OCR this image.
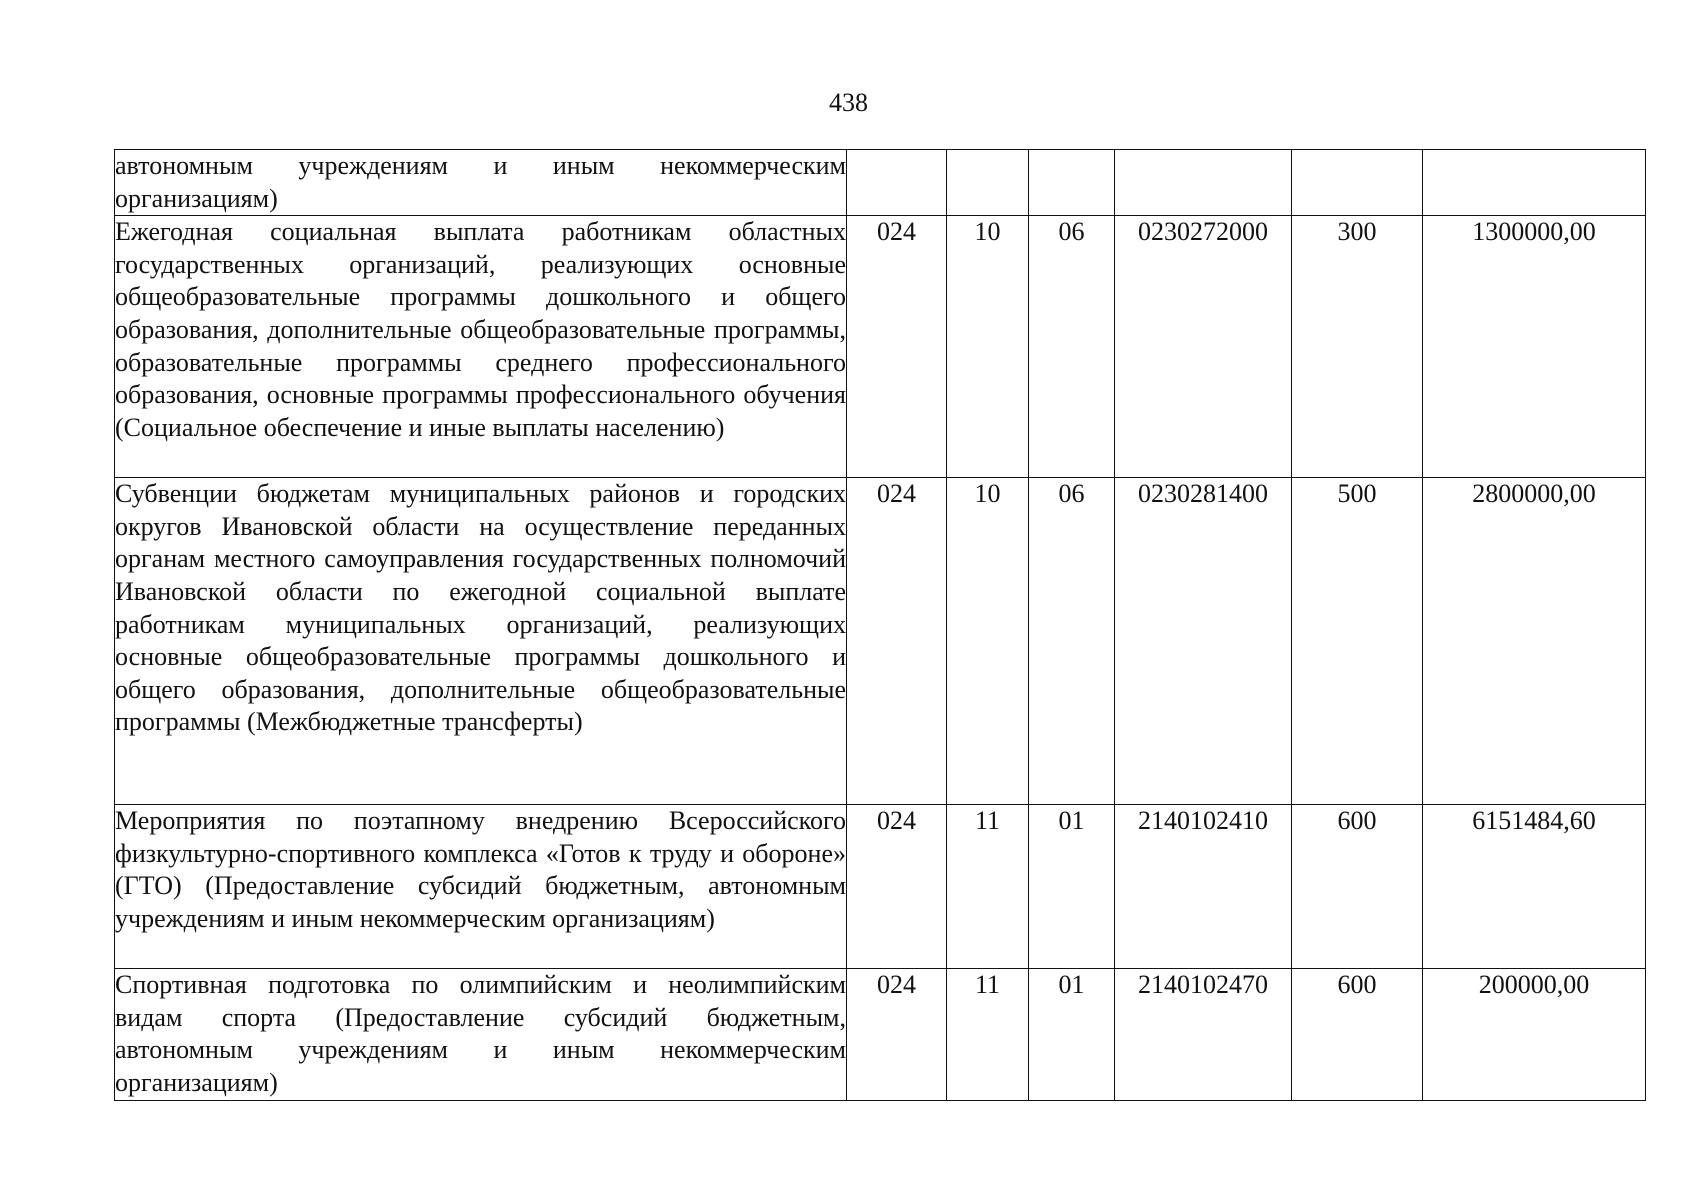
438
автономным учреждениям и иным некоммерческим организациям)						
Ежегодная социальная выплата работникам областных государственных организаций, реализующих основные общеобразовательные программы дошкольного и общего образования, дополнительные общеобразовательные программы, образовательные программы среднего профессионального образования, основные программы профессионального обучения (Социальное обеспечение и иные выплаты населению)	024	10	06	0230272000	300	1300000,00
Субвенции бюджетам муниципальных районов и городских округов Ивановской области на осуществление переданных органам местного самоуправления государственных полномочий Ивановской области по ежегодной социальной выплате работникам муниципальных организаций, реализующих основные общеобразовательные программы дошкольного и общего образования, дополнительные общеобразовательные программы (Межбюджетные трансферты)	024	10	06	0230281400	500	2800000,00
Мероприятия по поэтапному внедрению Всероссийского физкультурно-спортивного комплекса «Готов к труду и обороне» (ГТО) (Предоставление субсидий бюджетным, автономным учреждениям и иным некоммерческим организациям)	024	11	01	2140102410	600	6151484,60
Спортивная подготовка по олимпийским и неолимпийским видам спорта (Предоставление субсидий бюджетным, автономным учреждениям и иным некоммерческим организациям)	024	11	01	2140102470	600	200000,00
